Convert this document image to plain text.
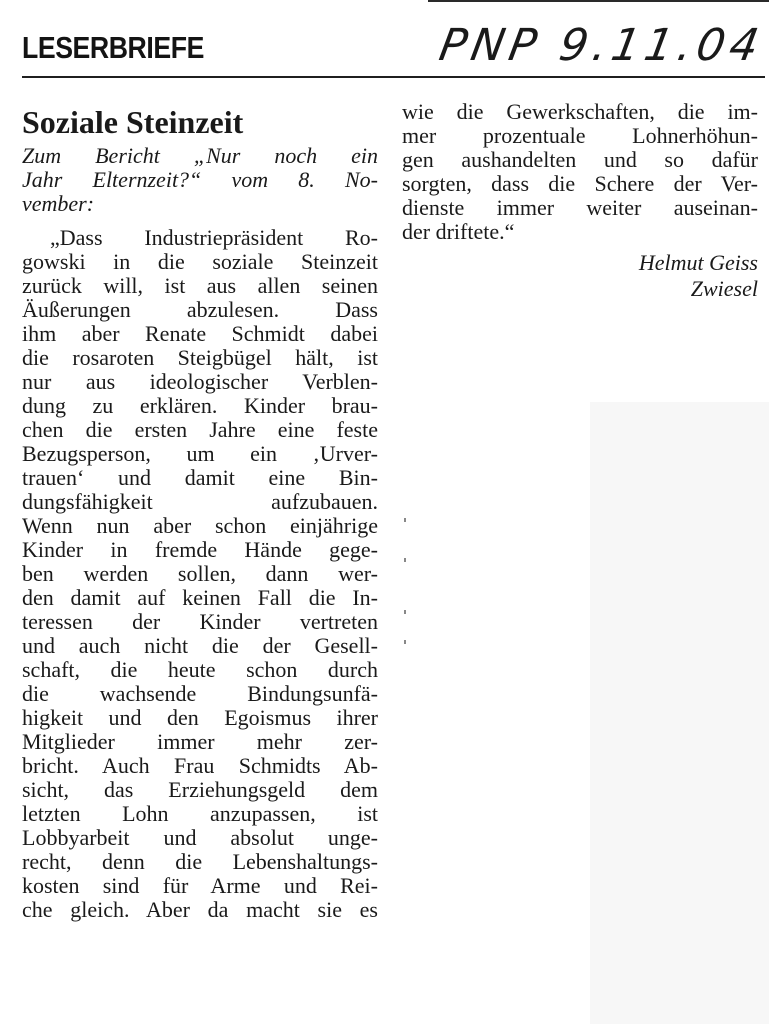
LESERBRIEFE	PNP 9.11.04
Soziale Steinzeit
Zum Bericht „Nur noch ein
Jahr Elternzeit?“ vom 8. No-
vember:
„Dass Industriepräsident Ro-
gowski in die soziale Steinzeit
zurück will, ist aus allen seinen
Äußerungen abzulesen. Dass
ihm aber Renate Schmidt dabei
die rosaroten Steigbügel hält, ist
nur aus ideologischer Verblen-
dung zu erklären. Kinder brau-
chen die ersten Jahre eine feste
Bezugsperson, um ein ‚Urver-
trauen‘ und damit eine Bin-
dungsfähigkeit aufzubauen.
Wenn nun aber schon einjährige
Kinder in fremde Hände gege-
ben werden sollen, dann wer-
den damit auf keinen Fall die In-
teressen der Kinder vertreten
und auch nicht die der Gesell-
schaft, die heute schon durch
die wachsende Bindungsunfä-
higkeit und den Egoismus ihrer
Mitglieder immer mehr zer-
bricht. Auch Frau Schmidts Ab-
sicht, das Erziehungsgeld dem
letzten Lohn anzupassen, ist
Lobbyarbeit und absolut unge-
recht, denn die Lebenshaltungs-
kosten sind für Arme und Rei-
che gleich. Aber da macht sie es
wie die Gewerkschaften, die im-
mer prozentuale Lohnerhöhun-
gen aushandelten und so dafür
sorgten, dass die Schere der Ver-
dienste immer weiter auseinan-
der driftete.“
Helmut Geiss
Zwiesel
